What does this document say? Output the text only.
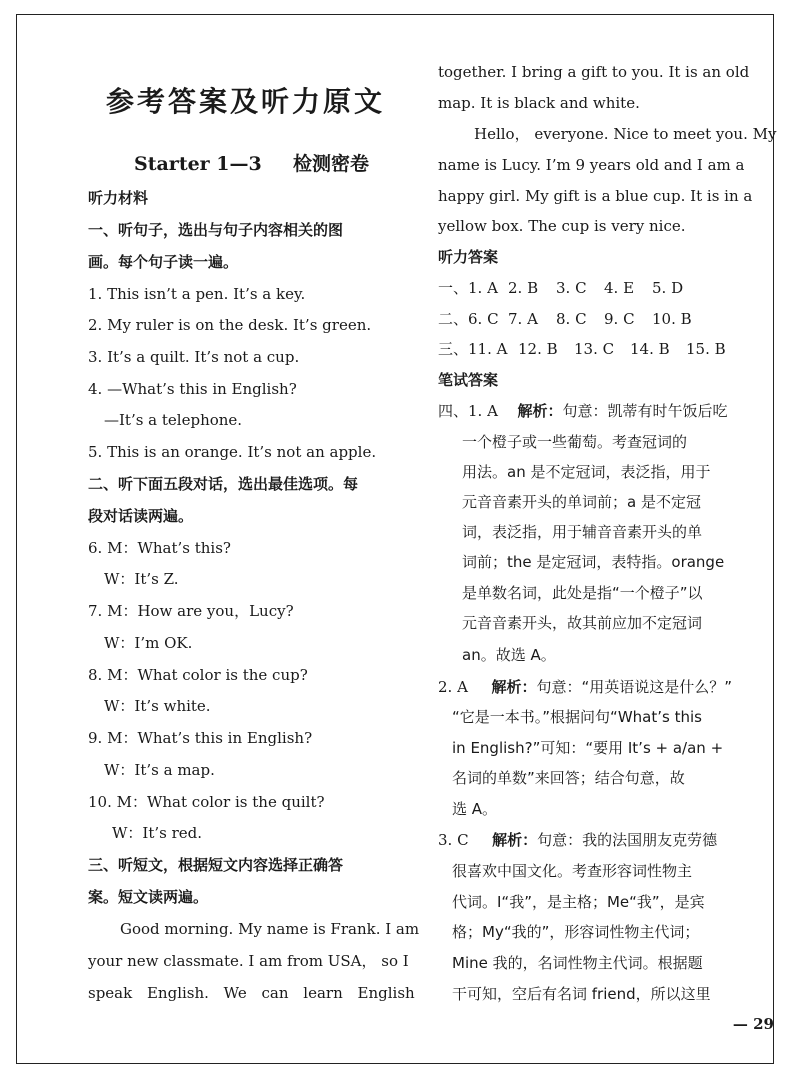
参考答案及听力原文
Starter 1—3 检测密卷
听力材料
一、听句子，选出与句子内容相关的图
画。每个句子读一遍。
1. This isn’t a pen. It’s a key.
2. My ruler is on the desk. It’s green.
3. It’s a quilt. It’s not a cup.
4. —What’s this in English?
—It’s a telephone.
5. This is an orange. It’s not an apple.
二、听下面五段对话，选出最佳选项。每
段对话读两遍。
6. M：What’s this?
W：It’s Z.
7. M：How are you，Lucy?
W：I’m OK.
8. M：What color is the cup?
W：It’s white.
9. M：What’s this in English?
W：It’s a map.
10. M：What color is the quilt?
W：It’s red.
三、听短文，根据短文内容选择正确答
案。短文读两遍。
Good morning. My name is Frank. I am
your new classmate. I am from USA， so I
speak English. We can learn English
together. I bring a gift to you. It is an old
map. It is black and white.
Hello， everyone. Nice to meet you. My
name is Lucy. I’m 9 years old and I am a
happy girl. My gift is a blue cup. It is in a
yellow box. The cup is very nice.
听力答案
一、1. A 2. B	3. C	4. E	5. D
二、6. C 7. A	8. C	9. C	10. B
三、11. A 12. B	13. C	14. B	15. B
笔试答案
四、1. A 解析：句意：凯蒂有时午饭后吃
一个橙子或一些葡萄。考查冠词的
用法。an 是不定冠词，表泛指，用于
元音音素开头的单词前；a 是不定冠
词，表泛指，用于辅音音素开头的单
词前；the 是定冠词，表特指。orange
是单数名词，此处是指“一个橙子”以
元音音素开头，故其前应加不定冠词
an。故选 A。
2. A 解析：句意：“用英语说这是什么？”
“它是一本书。”根据问句“What’s this
in English?”可知：“要用 It’s + a/an +
名词的单数”来回答；结合句意，故
选 A。
3. C 解析：句意：我的法国朋友克劳德
很喜欢中国文化。考查形容词性物主
代词。I“我”，是主格；Me“我”，是宾
格；My“我的”，形容词性物主代词；
Mine 我的，名词性物主代词。根据题
干可知，空后有名词 friend，所以这里
— 29
